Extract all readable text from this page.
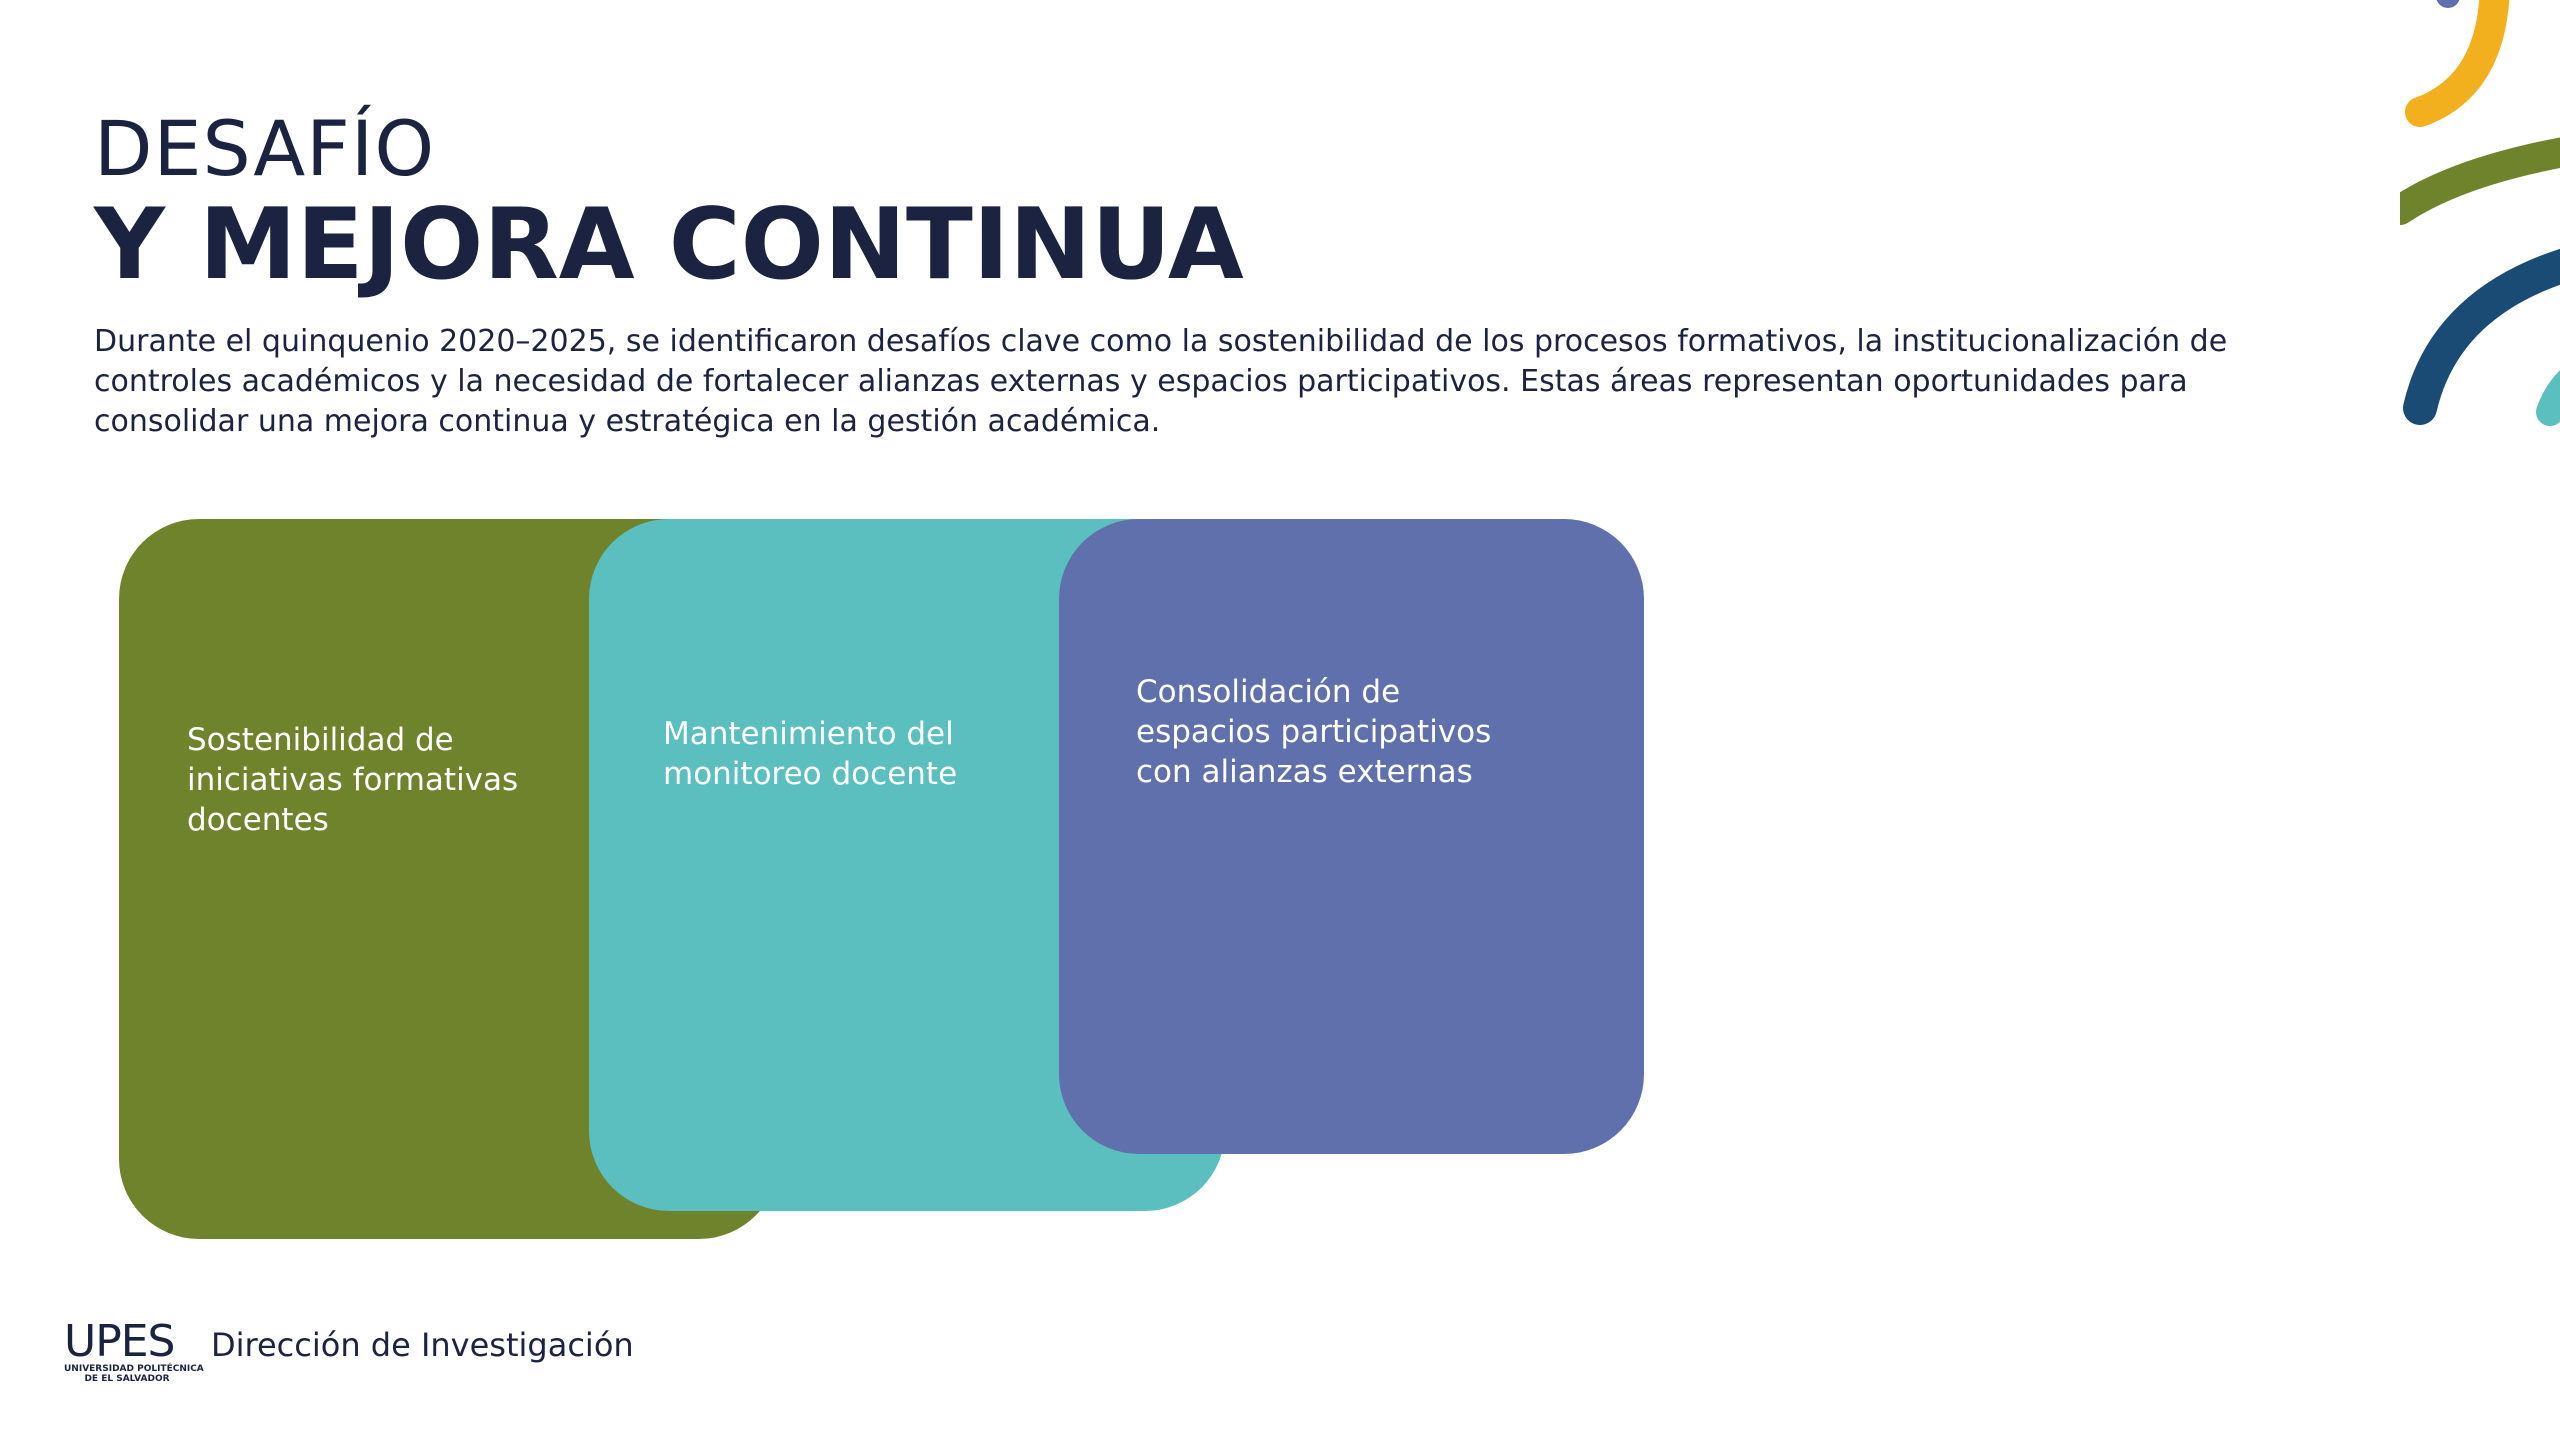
DESAFÍO
Y MEJORA CONTINUA
Durante el quinquenio 2020–2025, se identificaron desafíos clave como la sostenibilidad de los procesos formativos, la institucionalización de controles académicos y la necesidad de fortalecer alianzas externas y espacios participativos. Estas áreas representan oportunidades para consolidar una mejora continua y estratégica en la gestión académica.
Sostenibilidad de iniciativas formativas docentes
Mantenimiento del monitoreo docente
Consolidación de espacios participativos con alianzas externas
UPES
UNIVERSIDAD POLITÉCNICA
DE EL SALVADOR
Dirección de Investigación
